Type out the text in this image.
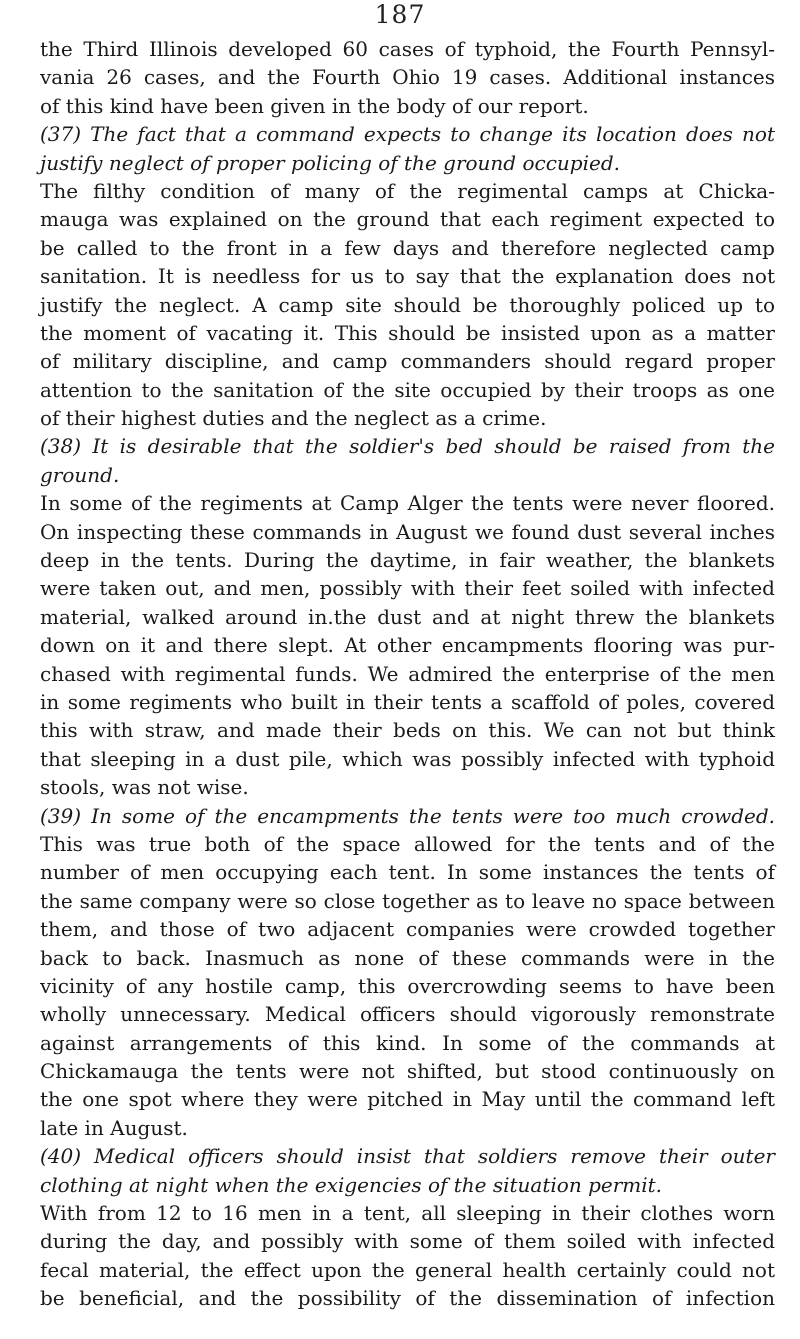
187
the Third Illinois developed 60 cases of typhoid, the Fourth Pennsyl-
vania 26 cases, and the Fourth Ohio 19 cases. Additional instances
of this kind have been given in the body of our report.
(37) The fact that a command expects to change its location does not
justify neglect of proper policing of the ground occupied.
The filthy condition of many of the regimental camps at Chicka-
mauga was explained on the ground that each regiment expected to
be called to the front in a few days and therefore neglected camp
sanitation. It is needless for us to say that the explanation does not
justify the neglect. A camp site should be thoroughly policed up to
the moment of vacating it. This should be insisted upon as a matter
of military discipline, and camp commanders should regard proper
attention to the sanitation of the site occupied by their troops as one
of their highest duties and the neglect as a crime.
(38) It is desirable that the soldier's bed should be raised from the
ground.
In some of the regiments at Camp Alger the tents were never floored.
On inspecting these commands in August we found dust several inches
deep in the tents. During the daytime, in fair weather, the blankets
were taken out, and men, possibly with their feet soiled with infected
material, walked around in.the dust and at night threw the blankets
down on it and there slept. At other encampments flooring was pur-
chased with regimental funds. We admired the enterprise of the men
in some regiments who built in their tents a scaffold of poles, covered
this with straw, and made their beds on this. We can not but think
that sleeping in a dust pile, which was possibly infected with typhoid
stools, was not wise.
(39) In some of the encampments the tents were too much crowded.
This was true both of the space allowed for the tents and of the
number of men occupying each tent. In some instances the tents of
the same company were so close together as to leave no space between
them, and those of two adjacent companies were crowded together
back to back. Inasmuch as none of these commands were in the
vicinity of any hostile camp, this overcrowding seems to have been
wholly unnecessary. Medical officers should vigorously remonstrate
against arrangements of this kind. In some of the commands at
Chickamauga the tents were not shifted, but stood continuously on
the one spot where they were pitched in May until the command left
late in August.
(40) Medical officers should insist that soldiers remove their outer
clothing at night when the exigencies of the situation permit.
With from 12 to 16 men in a tent, all sleeping in their clothes worn
during the day, and possibly with some of them soiled with infected
fecal material, the effect upon the general health certainly could not
be beneficial, and the possibility of the dissemination of infection
